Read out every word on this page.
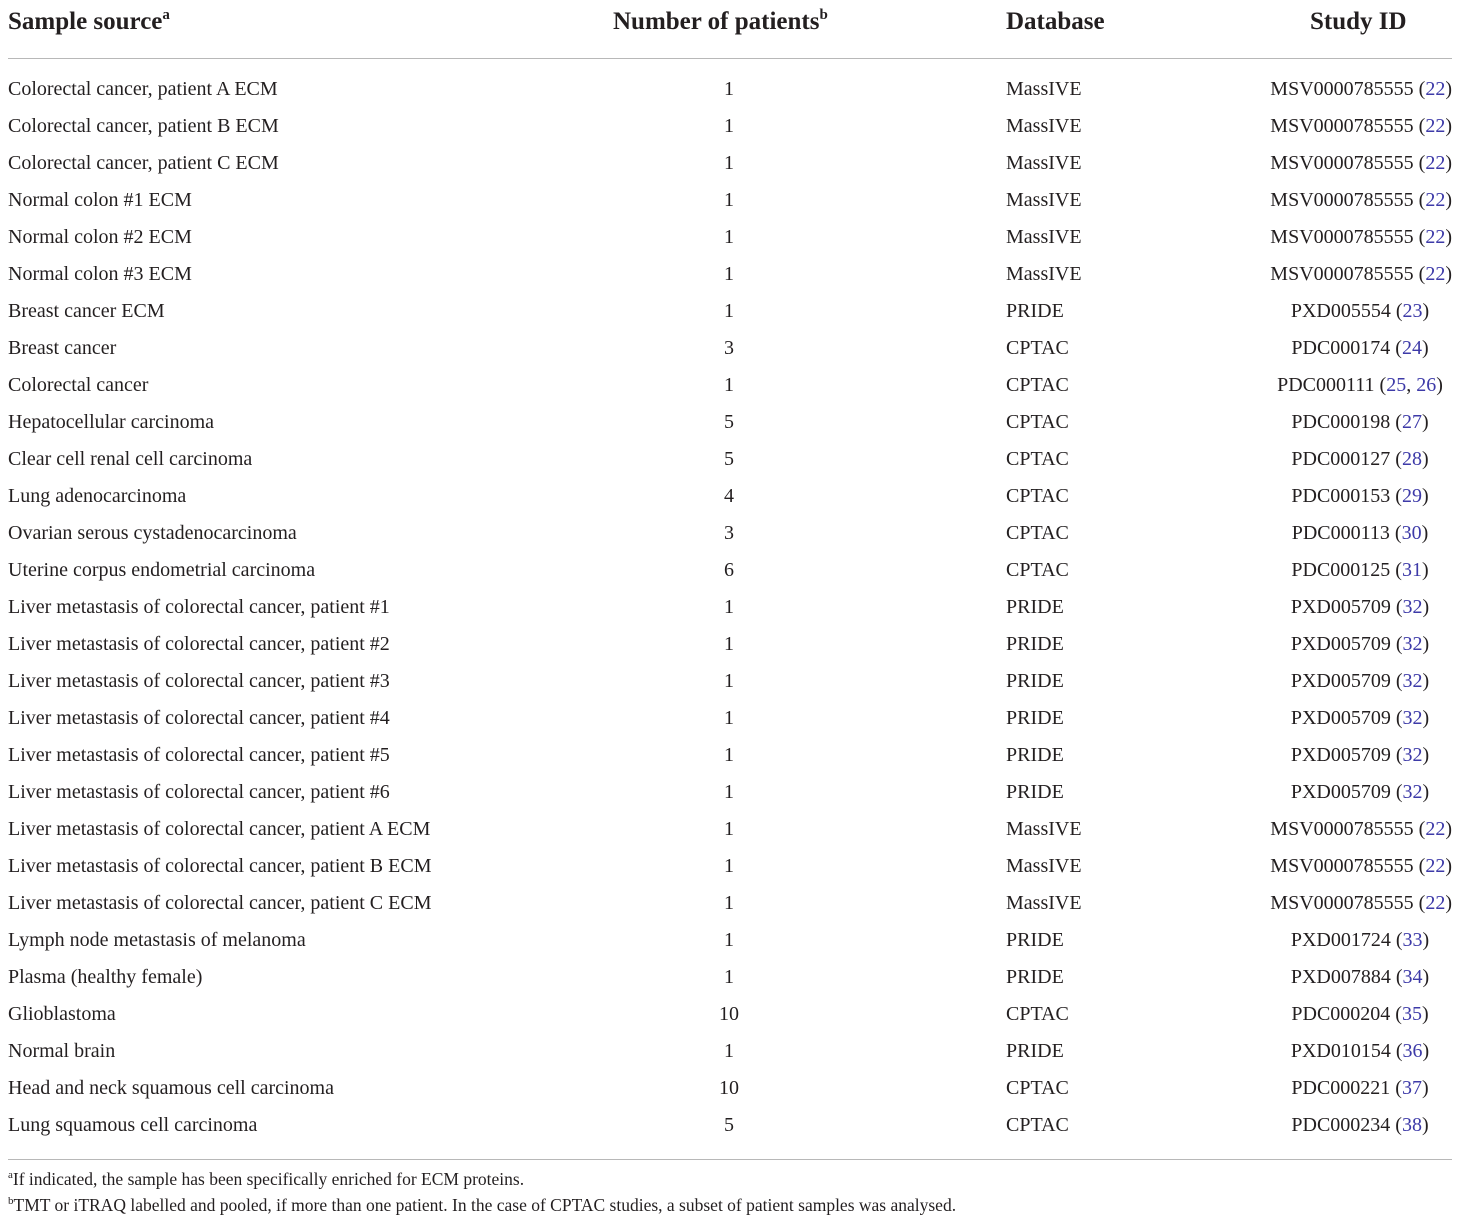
Sample source$^a$	Number of patients$^b$	Database	Study ID
Colorectal cancer, patient A ECM	1	MassIVE	MSV0000785555 (22)
Colorectal cancer, patient B ECM	1	MassIVE	MSV0000785555 (22)
Colorectal cancer, patient C ECM	1	MassIVE	MSV0000785555 (22)
Normal colon #1 ECM	1	MassIVE	MSV0000785555 (22)
Normal colon #2 ECM	1	MassIVE	MSV0000785555 (22)
Normal colon #3 ECM	1	MassIVE	MSV0000785555 (22)
Breast cancer ECM	1	PRIDE	PXD005554 (23)
Breast cancer	3	CPTAC	PDC000174 (24)
Colorectal cancer	1	CPTAC	PDC000111 (25, 26)
Hepatocellular carcinoma	5	CPTAC	PDC000198 (27)
Clear cell renal cell carcinoma	5	CPTAC	PDC000127 (28)
Lung adenocarcinoma	4	CPTAC	PDC000153 (29)
Ovarian serous cystadenocarcinoma	3	CPTAC	PDC000113 (30)
Uterine corpus endometrial carcinoma	6	CPTAC	PDC000125 (31)
Liver metastasis of colorectal cancer, patient #1	1	PRIDE	PXD005709 (32)
Liver metastasis of colorectal cancer, patient #2	1	PRIDE	PXD005709 (32)
Liver metastasis of colorectal cancer, patient #3	1	PRIDE	PXD005709 (32)
Liver metastasis of colorectal cancer, patient #4	1	PRIDE	PXD005709 (32)
Liver metastasis of colorectal cancer, patient #5	1	PRIDE	PXD005709 (32)
Liver metastasis of colorectal cancer, patient #6	1	PRIDE	PXD005709 (32)
Liver metastasis of colorectal cancer, patient A ECM	1	MassIVE	MSV0000785555 (22)
Liver metastasis of colorectal cancer, patient B ECM	1	MassIVE	MSV0000785555 (22)
Liver metastasis of colorectal cancer, patient C ECM	1	MassIVE	MSV0000785555 (22)
Lymph node metastasis of melanoma	1	PRIDE	PXD001724 (33)
Plasma (healthy female)	1	PRIDE	PXD007884 (34)
Glioblastoma	10	CPTAC	PDC000204 (35)
Normal brain	1	PRIDE	PXD010154 (36)
Head and neck squamous cell carcinoma	10	CPTAC	PDC000221 (37)
Lung squamous cell carcinoma	5	CPTAC	PDC000234 (38)
$^a$If indicated, the sample has been specifically enriched for ECM proteins.
$^b$TMT or iTRAQ labelled and pooled, if more than one patient. In the case of CPTAC studies, a subset of patient samples was analysed.
